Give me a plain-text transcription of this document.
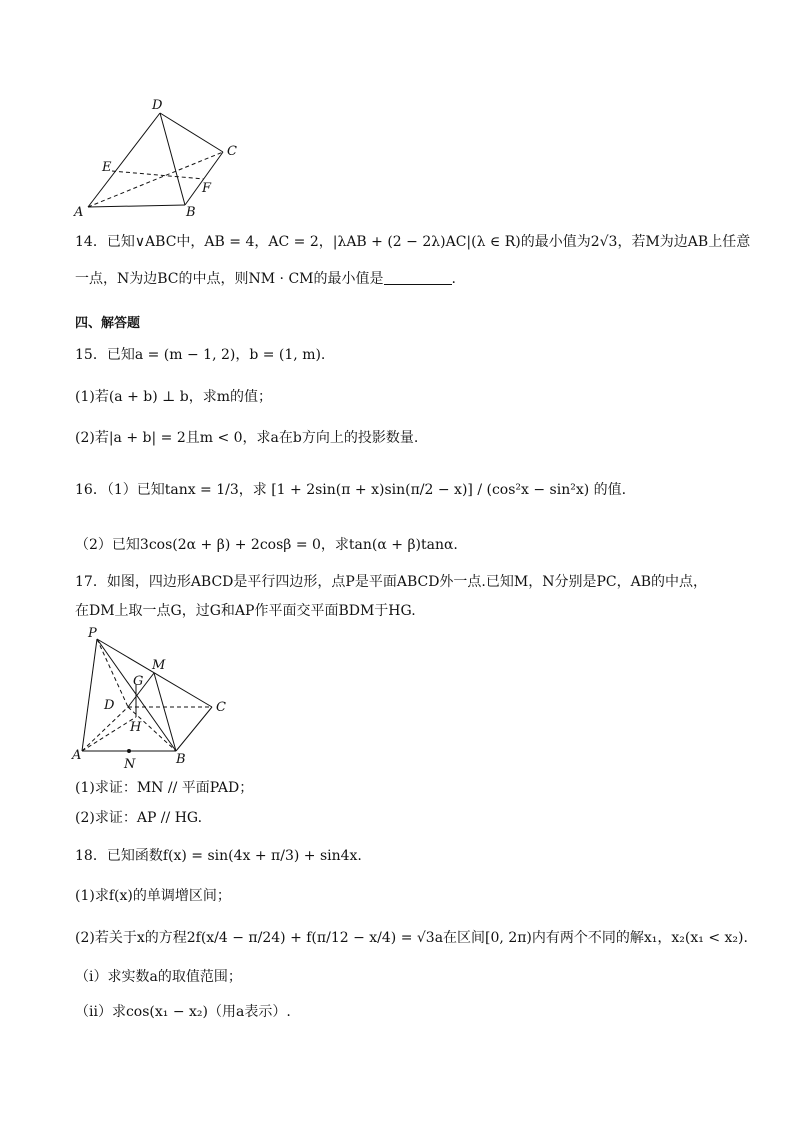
D
C
E
F
A	B
14．已知∨ABC中，AB = 4，AC = 2，|λAB + (2 − 2λ)AC|(λ ∈ R)的最小值为2√3，若M为边AB上任意
一点，N为边BC的中点，则NM · CM的最小值是	.
四、解答题
15．已知a = (m − 1, 2)，b = (1, m).
(1)若(a + b) ⊥ b，求m的值；
(2)若|a + b| = 2且m < 0，求a在b方向上的投影数量.
16．（1）已知tanx = 1/3，求 [1 + 2sin(π + x)sin(π/2 − x)] / (cos²x − sin²x) 的值.
（2）已知3cos(2α + β) + 2cosβ = 0，求tan(α + β)tanα.
17．如图，四边形ABCD是平行四边形，点P是平面ABCD外一点.已知M，N分别是PC，AB的中点，
在DM上取一点G，过G和AP作平面交平面BDM于HG.
P
M
G
D	C
H
A
N	B
(1)求证：MN // 平面PAD；
(2)求证：AP // HG.
18．已知函数f(x) = sin(4x + π/3) + sin4x.
(1)求f(x)的单调增区间；
(2)若关于x的方程2f(x/4 − π/24) + f(π/12 − x/4) = √3a在区间[0, 2π)内有两个不同的解x₁，x₂(x₁ < x₂).
（i）求实数a的取值范围；
（ii）求cos(x₁ − x₂)（用a表示）.
